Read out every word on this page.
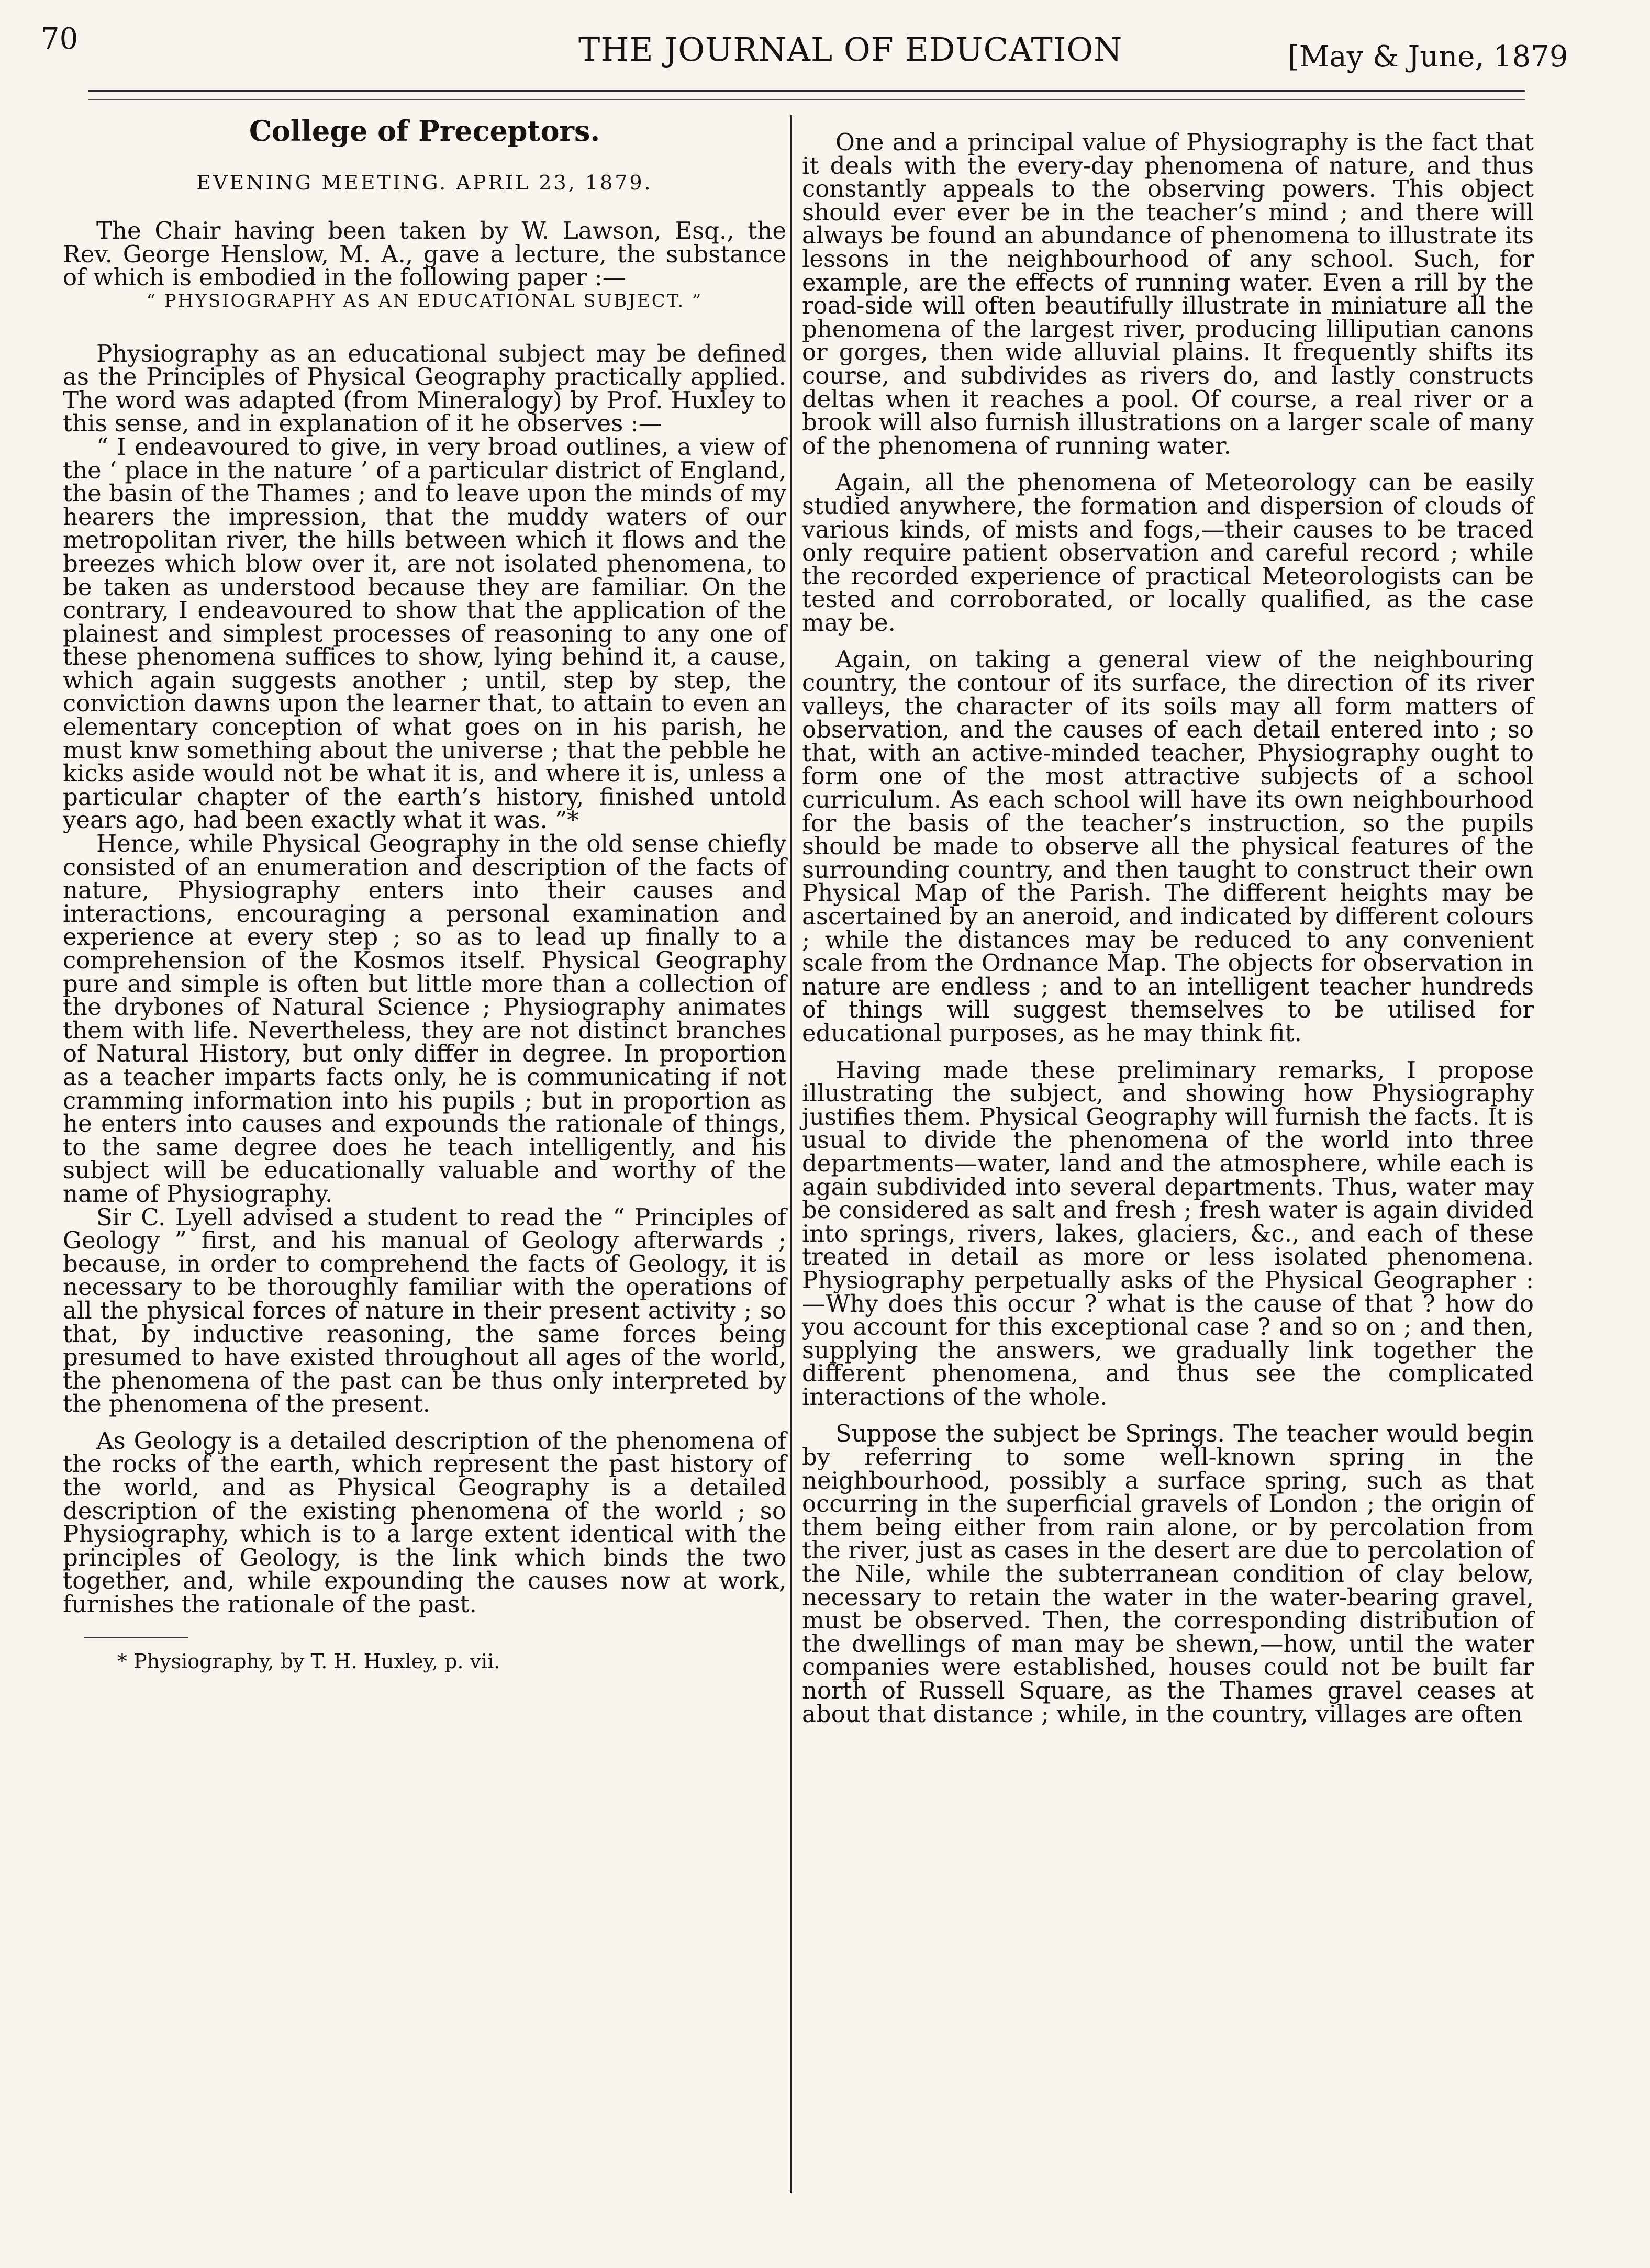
70	THE JOURNAL OF EDUCATION	[May & June, 1879
College of Preceptors.
EVENING MEETING. APRIL 23, 1879.

The Chair having been taken by W. Lawson, Esq., the Rev. George Henslow, M. A., gave a lecture, the substance of which is embodied in the following paper :—

“ PHYSIOGRAPHY AS AN EDUCATIONAL SUBJECT. ”

Physiography as an educational subject may be defined as the Principles of Physical Geography practically applied. The word was adapted (from Mineralogy) by Prof. Huxley to this sense, and in explanation of it he observes :—

“ I endeavoured to give, in very broad outlines, a view of the ‘ place in the nature ’ of a particular district of England, the basin of the Thames ; and to leave upon the minds of my hearers the impression, that the muddy waters of our metropolitan river, the hills between which it flows and the breezes which blow over it, are not isolated phenomena, to be taken as understood because they are familiar. On the contrary, I endeavoured to show that the application of the plainest and simplest processes of reasoning to any one of these phenomena suffices to show, lying behind it, a cause, which again suggests another ; until, step by step, the conviction dawns upon the learner that, to attain to even an elementary conception of what goes on in his parish, he must knw something about the universe ; that the pebble he kicks aside would not be what it is, and where it is, unless a particular chapter of the earth’s history, finished untold years ago, had been exactly what it was. ”*

Hence, while Physical Geography in the old sense chiefly consisted of an enumeration and description of the facts of nature, Physiography enters into their causes and interactions, encouraging a personal examination and experience at every step ; so as to lead up finally to a comprehension of the Kosmos itself. Physical Geography pure and simple is often but little more than a collection of the drybones of Natural Science ; Physiography animates them with life. Nevertheless, they are not distinct branches of Natural History, but only differ in degree. In proportion as a teacher imparts facts only, he is communicating if not cramming information into his pupils ; but in proportion as he enters into causes and expounds the rationale of things, to the same degree does he teach intelligently, and his subject will be educationally valuable and worthy of the name of Physiography.

Sir C. Lyell advised a student to read the “ Principles of Geology ” first, and his manual of Geology afterwards ; because, in order to comprehend the facts of Geology, it is necessary to be thoroughly familiar with the operations of all the physical forces of nature in their present activity ; so that, by inductive reasoning, the same forces being presumed to have existed throughout all ages of the world, the phenomena of the past can be thus only interpreted by the phenomena of the present.

As Geology is a detailed description of the phenomena of the rocks of the earth, which represent the past history of the world, and as Physical Geography is a detailed description of the existing phenomena of the world ; so Physiography, which is to a large extent identical with the principles of Geology, is the link which binds the two together, and, while expounding the causes now at work, furnishes the rationale of the past.

* Physiography, by T. H. Huxley, p. vii.

One and a principal value of Physiography is the fact that it deals with the every-day phenomena of nature, and thus constantly appeals to the observing powers. This object should ever ever be in the teacher’s mind ; and there will always be found an abundance of phenomena to illustrate its lessons in the neighbourhood of any school. Such, for example, are the effects of running water. Even a rill by the road-side will often beautifully illustrate in miniature all the phenomena of the largest river, producing lilliputian canons or gorges, then wide alluvial plains. It frequently shifts its course, and subdivides as rivers do, and lastly constructs deltas when it reaches a pool. Of course, a real river or a brook will also furnish illustrations on a larger scale of many of the phenomena of running water.

Again, all the phenomena of Meteorology can be easily studied anywhere, the formation and dispersion of clouds of various kinds, of mists and fogs,—their causes to be traced only require patient observation and careful record ; while the recorded experience of practical Meteorologists can be tested and corroborated, or locally qualified, as the case may be.

Again, on taking a general view of the neighbouring country, the contour of its surface, the direction of its river valleys, the character of its soils may all form matters of observation, and the causes of each detail entered into ; so that, with an active-minded teacher, Physiography ought to form one of the most attractive subjects of a school curriculum. As each school will have its own neighbourhood for the basis of the teacher’s instruction, so the pupils should be made to observe all the physical features of the surrounding country, and then taught to construct their own Physical Map of the Parish. The different heights may be ascertained by an aneroid, and indicated by different colours ; while the distances may be reduced to any convenient scale from the Ordnance Map. The objects for observation in nature are endless ; and to an intelligent teacher hundreds of things will suggest themselves to be utilised for educational purposes, as he may think fit.

Having made these preliminary remarks, I propose illustrating the subject, and showing how Physiography justifies them. Physical Geography will furnish the facts. It is usual to divide the phenomena of the world into three departments—water, land and the atmosphere, while each is again subdivided into several departments. Thus, water may be considered as salt and fresh ; fresh water is again divided into springs, rivers, lakes, glaciers, &c., and each of these treated in detail as more or less isolated phenomena. Physiography perpetually asks of the Physical Geographer :—Why does this occur ? what is the cause of that ? how do you account for this exceptional case ? and so on ; and then, supplying the answers, we gradually link together the different phenomena, and thus see the complicated interactions of the whole.

Suppose the subject be Springs. The teacher would begin by referring to some well-known spring in the neighbourhood, possibly a surface spring, such as that occurring in the superficial gravels of London ; the origin of them being either from rain alone, or by percolation from the river, just as cases in the desert are due to percolation of the Nile, while the subterranean condition of clay below, necessary to retain the water in the water-bearing gravel, must be observed. Then, the corresponding distribution of the dwellings of man may be shewn,—how, until the water companies were established, houses could not be built far north of Russell Square, as the Thames gravel ceases at about that distance ; while, in the country, villages are often
